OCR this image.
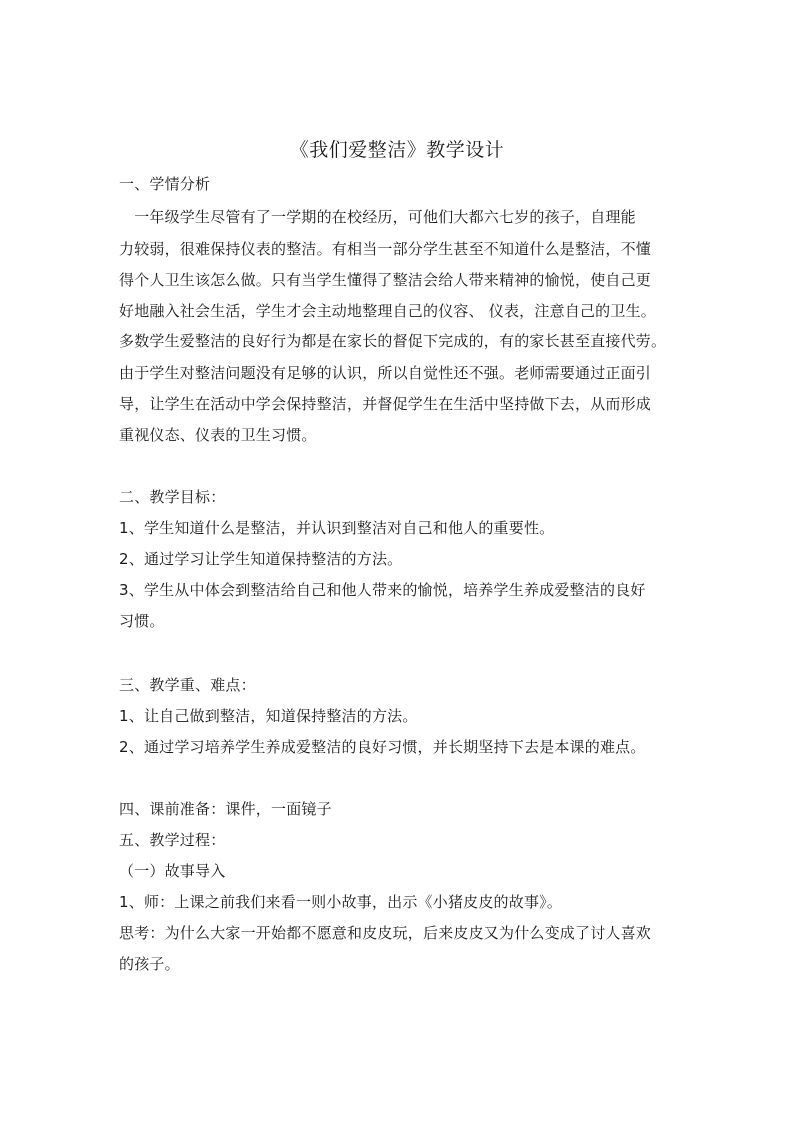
《我们爱整洁》教学设计
一、学情分析
　一年级学生尽管有了一学期的在校经历，可他们大都六七岁的孩子，自理能
力较弱，很难保持仪表的整洁。有相当一部分学生甚至不知道什么是整洁，不懂
得个人卫生该怎么做。只有当学生懂得了整洁会给人带来精神的愉悦，使自己更
好地融入社会生活，学生才会主动地整理自己的仪容、 仪表，注意自己的卫生。
多数学生爱整洁的良好行为都是在家长的督促下完成的，有的家长甚至直接代劳。
由于学生对整洁问题没有足够的认识，所以自觉性还不强。老师需要通过正面引
导，让学生在活动中学会保持整洁，并督促学生在生活中坚持做下去，从而形成
重视仪态、仪表的卫生习惯。
二、教学目标：
1、学生知道什么是整洁，并认识到整洁对自己和他人的重要性。
2、通过学习让学生知道保持整洁的方法。
3、学生从中体会到整洁给自己和他人带来的愉悦，培养学生养成爱整洁的良好
习惯。
三、教学重、难点：
1、让自己做到整洁，知道保持整洁的方法。
2、通过学习培养学生养成爱整洁的良好习惯，并长期坚持下去是本课的难点。
四、课前准备：课件，一面镜子
五、教学过程：
（一）故事导入
1、师：上课之前我们来看一则小故事，出示《小猪皮皮的故事》。
思考：为什么大家一开始都不愿意和皮皮玩，后来皮皮又为什么变成了讨人喜欢
的孩子。
